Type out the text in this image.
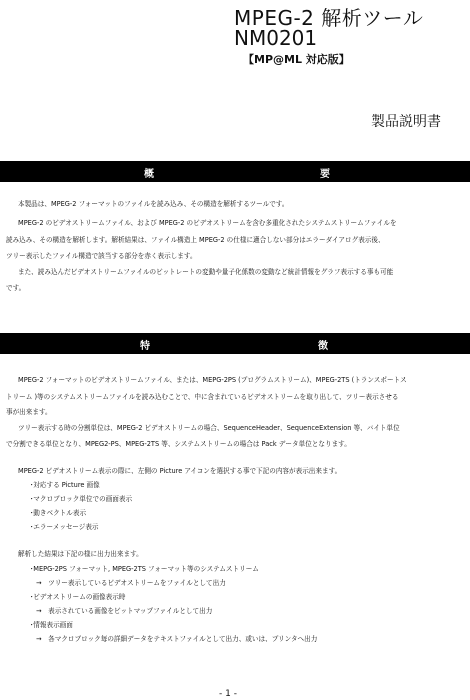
MPEG-2 解析ツール
NM0201
【MP@ML 対応版】
製品説明書
概	要
本製品は、MPEG-2 フォーマットのファイルを読み込み、その構造を解析するツールです。
MPEG-2 のビデオストリームファイル、および MPEG-2 のビデオストリームを含む多重化されたシステムストリームファイルを
読み込み、その構造を解析します。解析結果は、ファイル構造上 MPEG-2 の仕様に適合しない部分はエラーダイアログ表示後、
ツリー表示したファイル構造で該当する部分を赤く表示します。
また、読み込んだビデオストリームファイルのビットレートの変動や量子化係数の変動など統計情報をグラフ表示する事も可能
です。
特	徴
MPEG-2 フォーマットのビデオストリームファイル、または、MEPG-2PS (プログラムストリーム)、MPEG-2TS (トランスポートス
トリーム )等のシステムストリームファイルを読み込むことで、中に含まれているビデオストリームを取り出して、ツリー表示させる
事が出来ます。
ツリー表示する時の分割単位は、MPEG-2 ビデオストリームの場合、SequenceHeader、SequenceExtension 等、バイト単位
で分割できる単位となり、MPEG2-PS、MPEG-2TS 等、システムストリームの場合は Pack データ単位となります。
MPEG-2 ビデオストリーム表示の際に、左側の Picture アイコンを選択する事で下記の内容が表示出来ます。
･対応する Picture 画像
･マクロブロック単位での画面表示
･動きベクトル表示
･エラーメッセージ表示
解析した結果は下記の様に出力出来ます。
･MEPG-2PS フォーマット, MPEG-2TS フォーマット等のシステムストリーム
→　ツリー表示しているビデオストリームをファイルとして出力
･ビデオストリームの画像表示時
→　表示されている画像をビットマップファイルとして出力
･情報表示画面
→　各マクロブロック毎の詳細データをテキストファイルとして出力、或いは、プリンタへ出力
- 1 -
